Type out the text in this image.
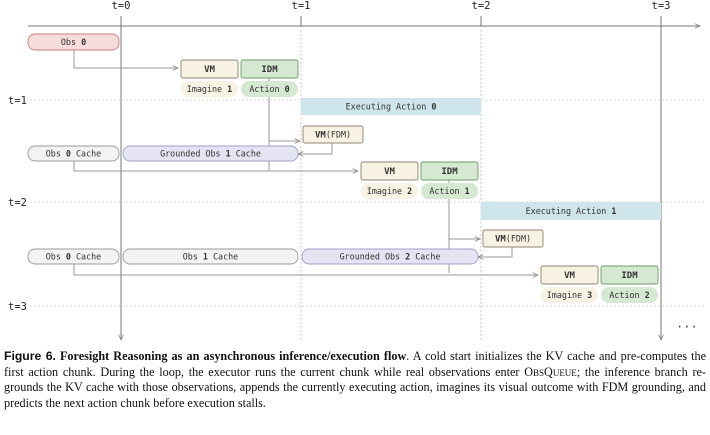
t=0	t=1	t=2	t=3
t=1
t=2
t=3
···
Obs 0
VM	IDM
Imagine 1 Action 0
Executing Action 0
VM(FDM)
Obs 0 Cache	Grounded Obs 1 Cache
VM	IDM
Imagine 2 Action 1
Executing Action 1
VM(FDM)
Obs 0 Cache	Obs 1 Cache	Grounded Obs 2 Cache
VM	IDM
Imagine 3 Action 2
Figure 6. Foresight Reasoning as an asynchronous inference/execution flow. A cold start initializes the KV cache and pre-computes the first action chunk. During the loop, the executor runs the current chunk while real observations enter ObsQueue; the inference branch re-grounds the KV cache with those observations, appends the currently executing action, imagines its visual outcome with FDM grounding, and predicts the next action chunk before execution stalls.
